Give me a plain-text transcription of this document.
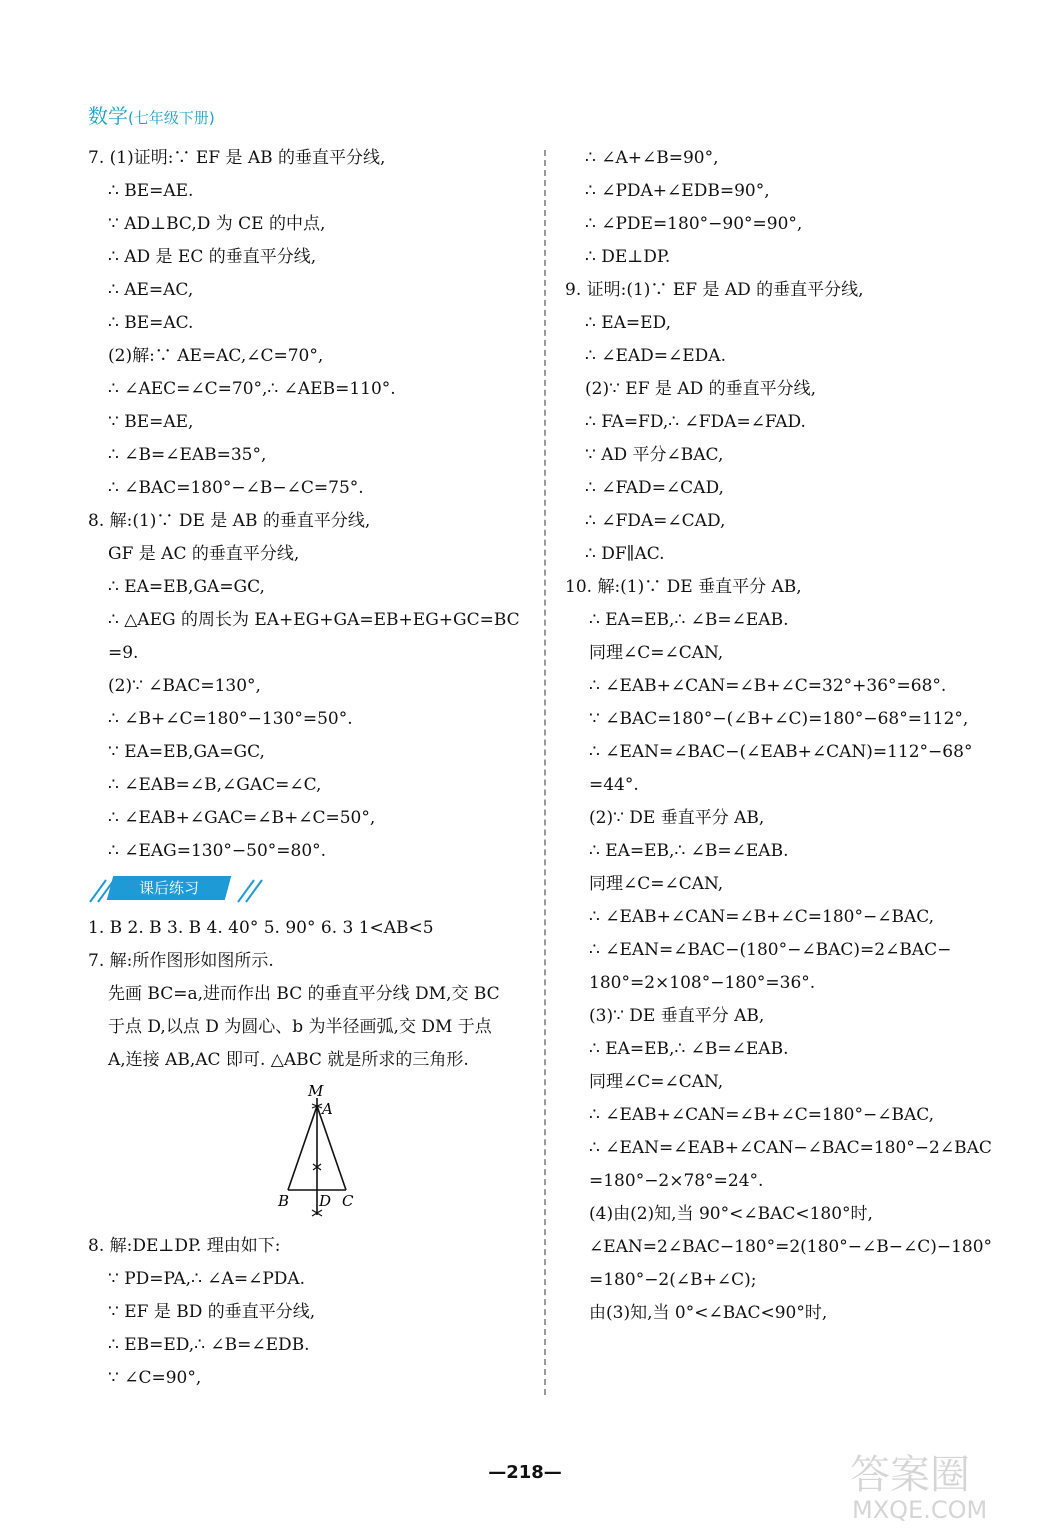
数学(七年级下册)
7. (1)证明:∵ EF 是 AB 的垂直平分线,
∴ BE=AE.
∵ AD⊥BC,D 为 CE 的中点,
∴ AD 是 EC 的垂直平分线,
∴ AE=AC,
∴ BE=AC.
(2)解:∵ AE=AC,∠C=70°,
∴ ∠AEC=∠C=70°,∴ ∠AEB=110°.
∵ BE=AE,
∴ ∠B=∠EAB=35°,
∴ ∠BAC=180°−∠B−∠C=75°.
8. 解:(1)∵ DE 是 AB 的垂直平分线,
GF 是 AC 的垂直平分线,
∴ EA=EB,GA=GC,
∴ △AEG 的周长为 EA+EG+GA=EB+EG+GC=BC
=9.
(2)∵ ∠BAC=130°,
∴ ∠B+∠C=180°−130°=50°.
∵ EA=EB,GA=GC,
∴ ∠EAB=∠B,∠GAC=∠C,
∴ ∠EAB+∠GAC=∠B+∠C=50°,
∴ ∠EAG=130°−50°=80°.
课后练习
1. B 2. B 3. B 4. 40° 5. 90° 6. 3 1<AB<5
7. 解:所作图形如图所示.
先画 BC=a,进而作出 BC 的垂直平分线 DM,交 BC
于点 D,以点 D 为圆心、b 为半径画弧,交 DM 于点
A,连接 AB,AC 即可. △ABC 就是所求的三角形.
M
A
B D C
8. 解:DE⊥DP. 理由如下:
∵ PD=PA,∴ ∠A=∠PDA.
∵ EF 是 BD 的垂直平分线,
∴ EB=ED,∴ ∠B=∠EDB.
∵ ∠C=90°,
∴ ∠A+∠B=90°,
∴ ∠PDA+∠EDB=90°,
∴ ∠PDE=180°−90°=90°,
∴ DE⊥DP.
9. 证明:(1)∵ EF 是 AD 的垂直平分线,
∴ EA=ED,
∴ ∠EAD=∠EDA.
(2)∵ EF 是 AD 的垂直平分线,
∴ FA=FD,∴ ∠FDA=∠FAD.
∵ AD 平分∠BAC,
∴ ∠FAD=∠CAD,
∴ ∠FDA=∠CAD,
∴ DF∥AC.
10. 解:(1)∵ DE 垂直平分 AB,
∴ EA=EB,∴ ∠B=∠EAB.
同理∠C=∠CAN,
∴ ∠EAB+∠CAN=∠B+∠C=32°+36°=68°.
∵ ∠BAC=180°−(∠B+∠C)=180°−68°=112°,
∴ ∠EAN=∠BAC−(∠EAB+∠CAN)=112°−68°
=44°.
(2)∵ DE 垂直平分 AB,
∴ EA=EB,∴ ∠B=∠EAB.
同理∠C=∠CAN,
∴ ∠EAB+∠CAN=∠B+∠C=180°−∠BAC,
∴ ∠EAN=∠BAC−(180°−∠BAC)=2∠BAC−
180°=2×108°−180°=36°.
(3)∵ DE 垂直平分 AB,
∴ EA=EB,∴ ∠B=∠EAB.
同理∠C=∠CAN,
∴ ∠EAB+∠CAN=∠B+∠C=180°−∠BAC,
∴ ∠EAN=∠EAB+∠CAN−∠BAC=180°−2∠BAC
=180°−2×78°=24°.
(4)由(2)知,当 90°<∠BAC<180°时,
∠EAN=2∠BAC−180°=2(180°−∠B−∠C)−180°
=180°−2(∠B+∠C);
由(3)知,当 0°<∠BAC<90°时,
—218—	答案圈
MXQE.COM
